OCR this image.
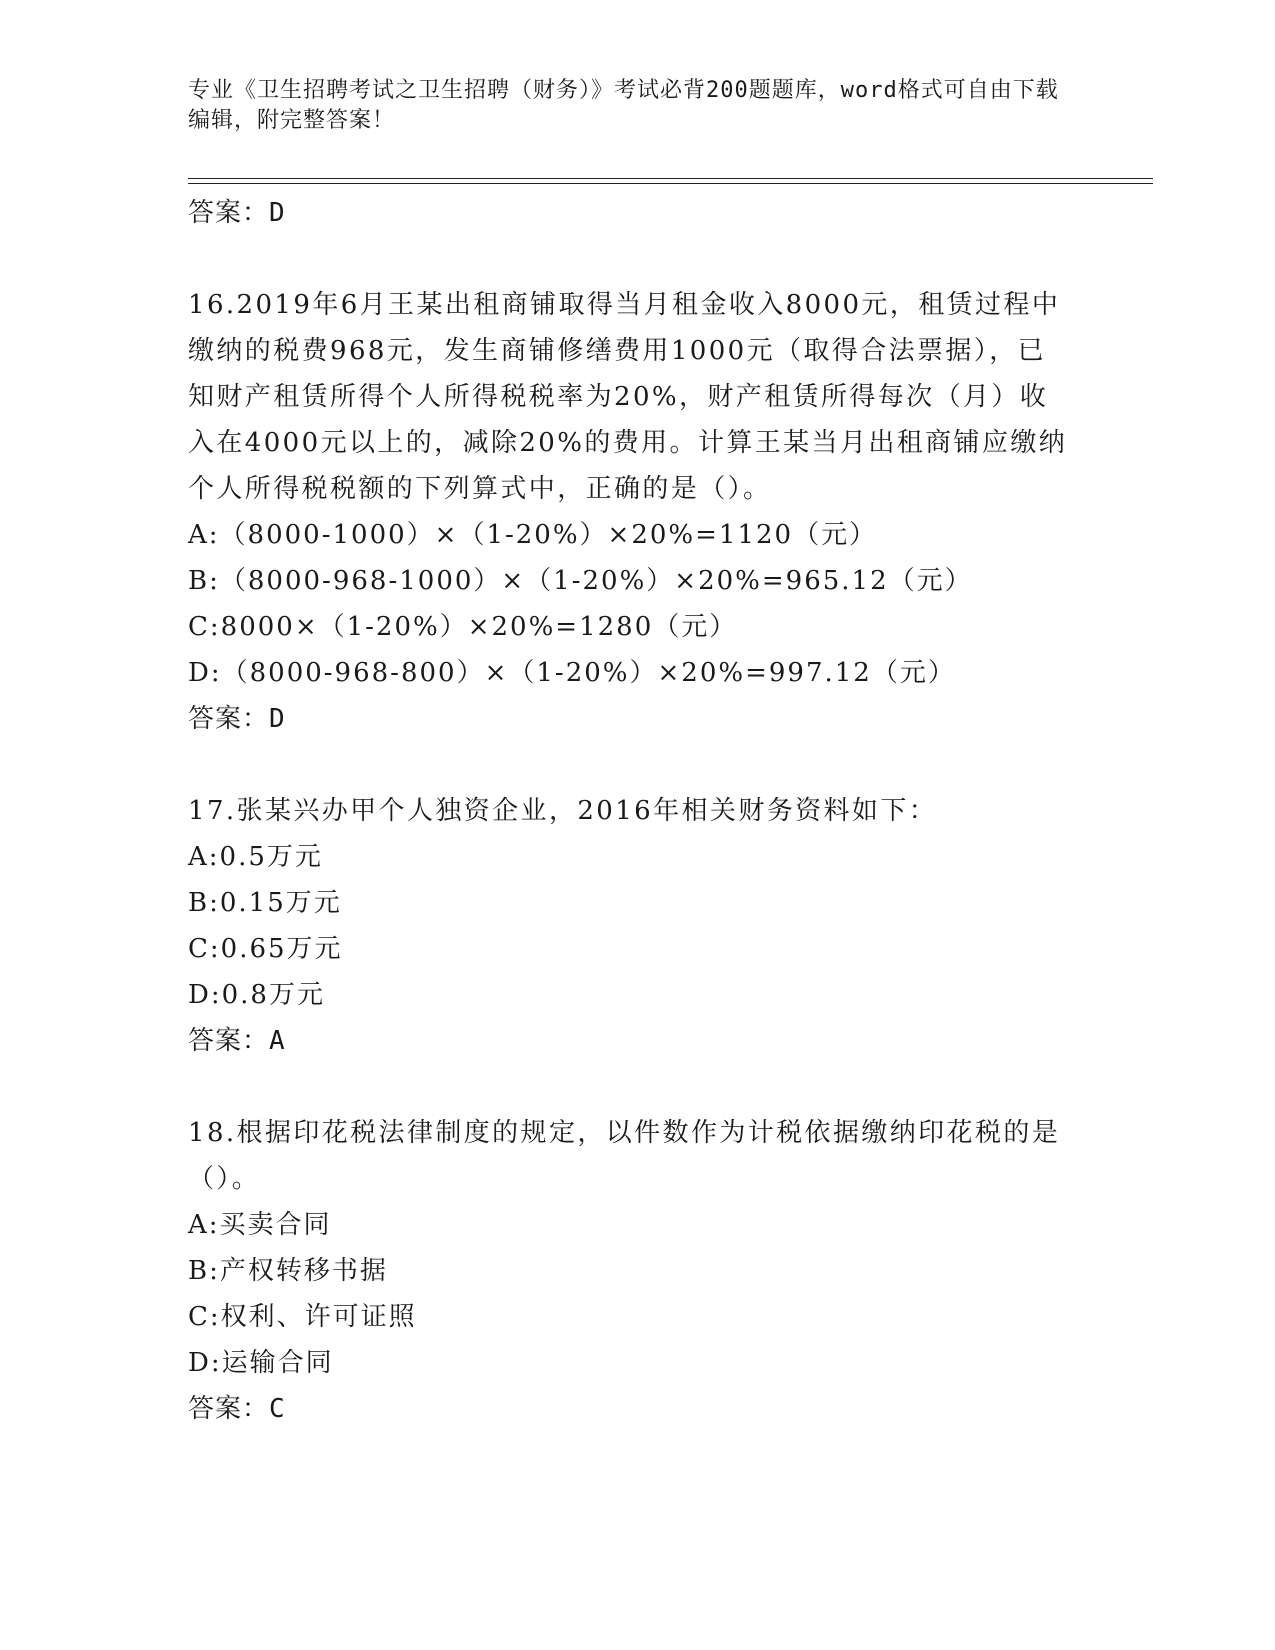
专业《卫生招聘考试之卫生招聘（财务）》考试必背200题题库，word格式可自由下载编辑，附完整答案！
答案：D
16.2019年6月王某出租商铺取得当月租金收入8000元，租赁过程中缴纳的税费968元，发生商铺修缮费用1000元（取得合法票据），已知财产租赁所得个人所得税税率为20%，财产租赁所得每次（月）收入在4000元以上的，减除20%的费用。计算王某当月出租商铺应缴纳个人所得税税额的下列算式中，正确的是（）。
A:（8000-1000）×（1-20%）×20%=1120（元）
B:（8000-968-1000）×（1-20%）×20%=965.12（元）
C:8000×（1-20%）×20%=1280（元）
D:（8000-968-800）×（1-20%）×20%=997.12（元）
答案：D
17.张某兴办甲个人独资企业，2016年相关财务资料如下：
A:0.5万元
B:0.15万元
C:0.65万元
D:0.8万元
答案：A
18.根据印花税法律制度的规定，以件数作为计税依据缴纳印花税的是（）。
A:买卖合同
B:产权转移书据
C:权利、许可证照
D:运输合同
答案：C
